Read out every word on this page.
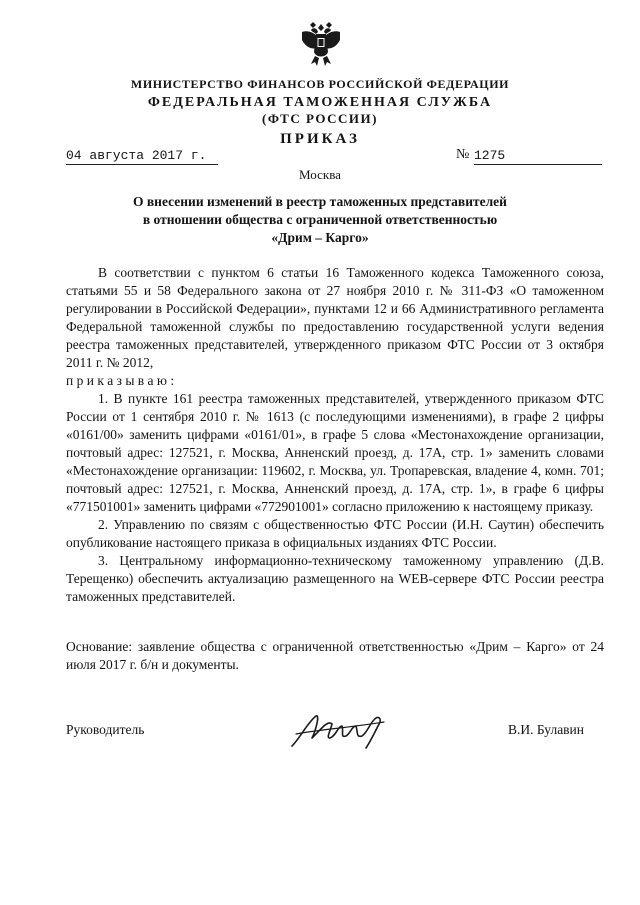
МИНИСТЕРСТВО ФИНАНСОВ РОССИЙСКОЙ ФЕДЕРАЦИИ
ФЕДЕРАЛЬНАЯ ТАМОЖЕННАЯ СЛУЖБА
(ФТС РОССИИ)
ПРИКАЗ
04 августа 2017 г.	№ 1275
Москва
О внесении изменений в реестр таможенных представителей
в отношении общества с ограниченной ответственностью
«Дрим – Карго»

В соответствии с пунктом 6 статьи 16 Таможенного кодекса Таможенного союза, статьями 55 и 58 Федерального закона от 27 ноября 2010 г. № 311-ФЗ «О таможенном регулировании в Российской Федерации», пунктами 12 и 66 Административного регламента Федеральной таможенной службы по предоставлению государственной услуги ведения реестра таможенных представителей, утвержденного приказом ФТС России от 3 октября 2011 г. № 2012,

п р и к а з ы в а ю :

1. В пункте 161 реестра таможенных представителей, утвержденного приказом ФТС России от 1 сентября 2010 г. № 1613 (с последующими изменениями), в графе 2 цифры «0161/00» заменить цифрами «0161/01», в графе 5 слова «Местонахождение организации, почтовый адрес: 127521, г. Москва, Анненский проезд, д. 17А, стр. 1» заменить словами «Местонахождение организации: 119602, г. Москва, ул. Тропаревская, владение 4, комн. 701; почтовый адрес: 127521, г. Москва, Анненский проезд, д. 17А, стр. 1», в графе 6 цифры «771501001» заменить цифрами «772901001» согласно приложению к настоящему приказу.

2. Управлению по связям с общественностью ФТС России (И.Н. Саутин) обеспечить опубликование настоящего приказа в официальных изданиях ФТС России.

3. Центральному информационно-техническому таможенному управлению (Д.В. Терещенко) обеспечить актуализацию размещенного на WEB-сервере ФТС России реестра таможенных представителей.

Основание: заявление общества с ограниченной ответственностью «Дрим – Карго» от 24 июля 2017 г. б/н и документы.
Руководитель	В.И. Булавин
